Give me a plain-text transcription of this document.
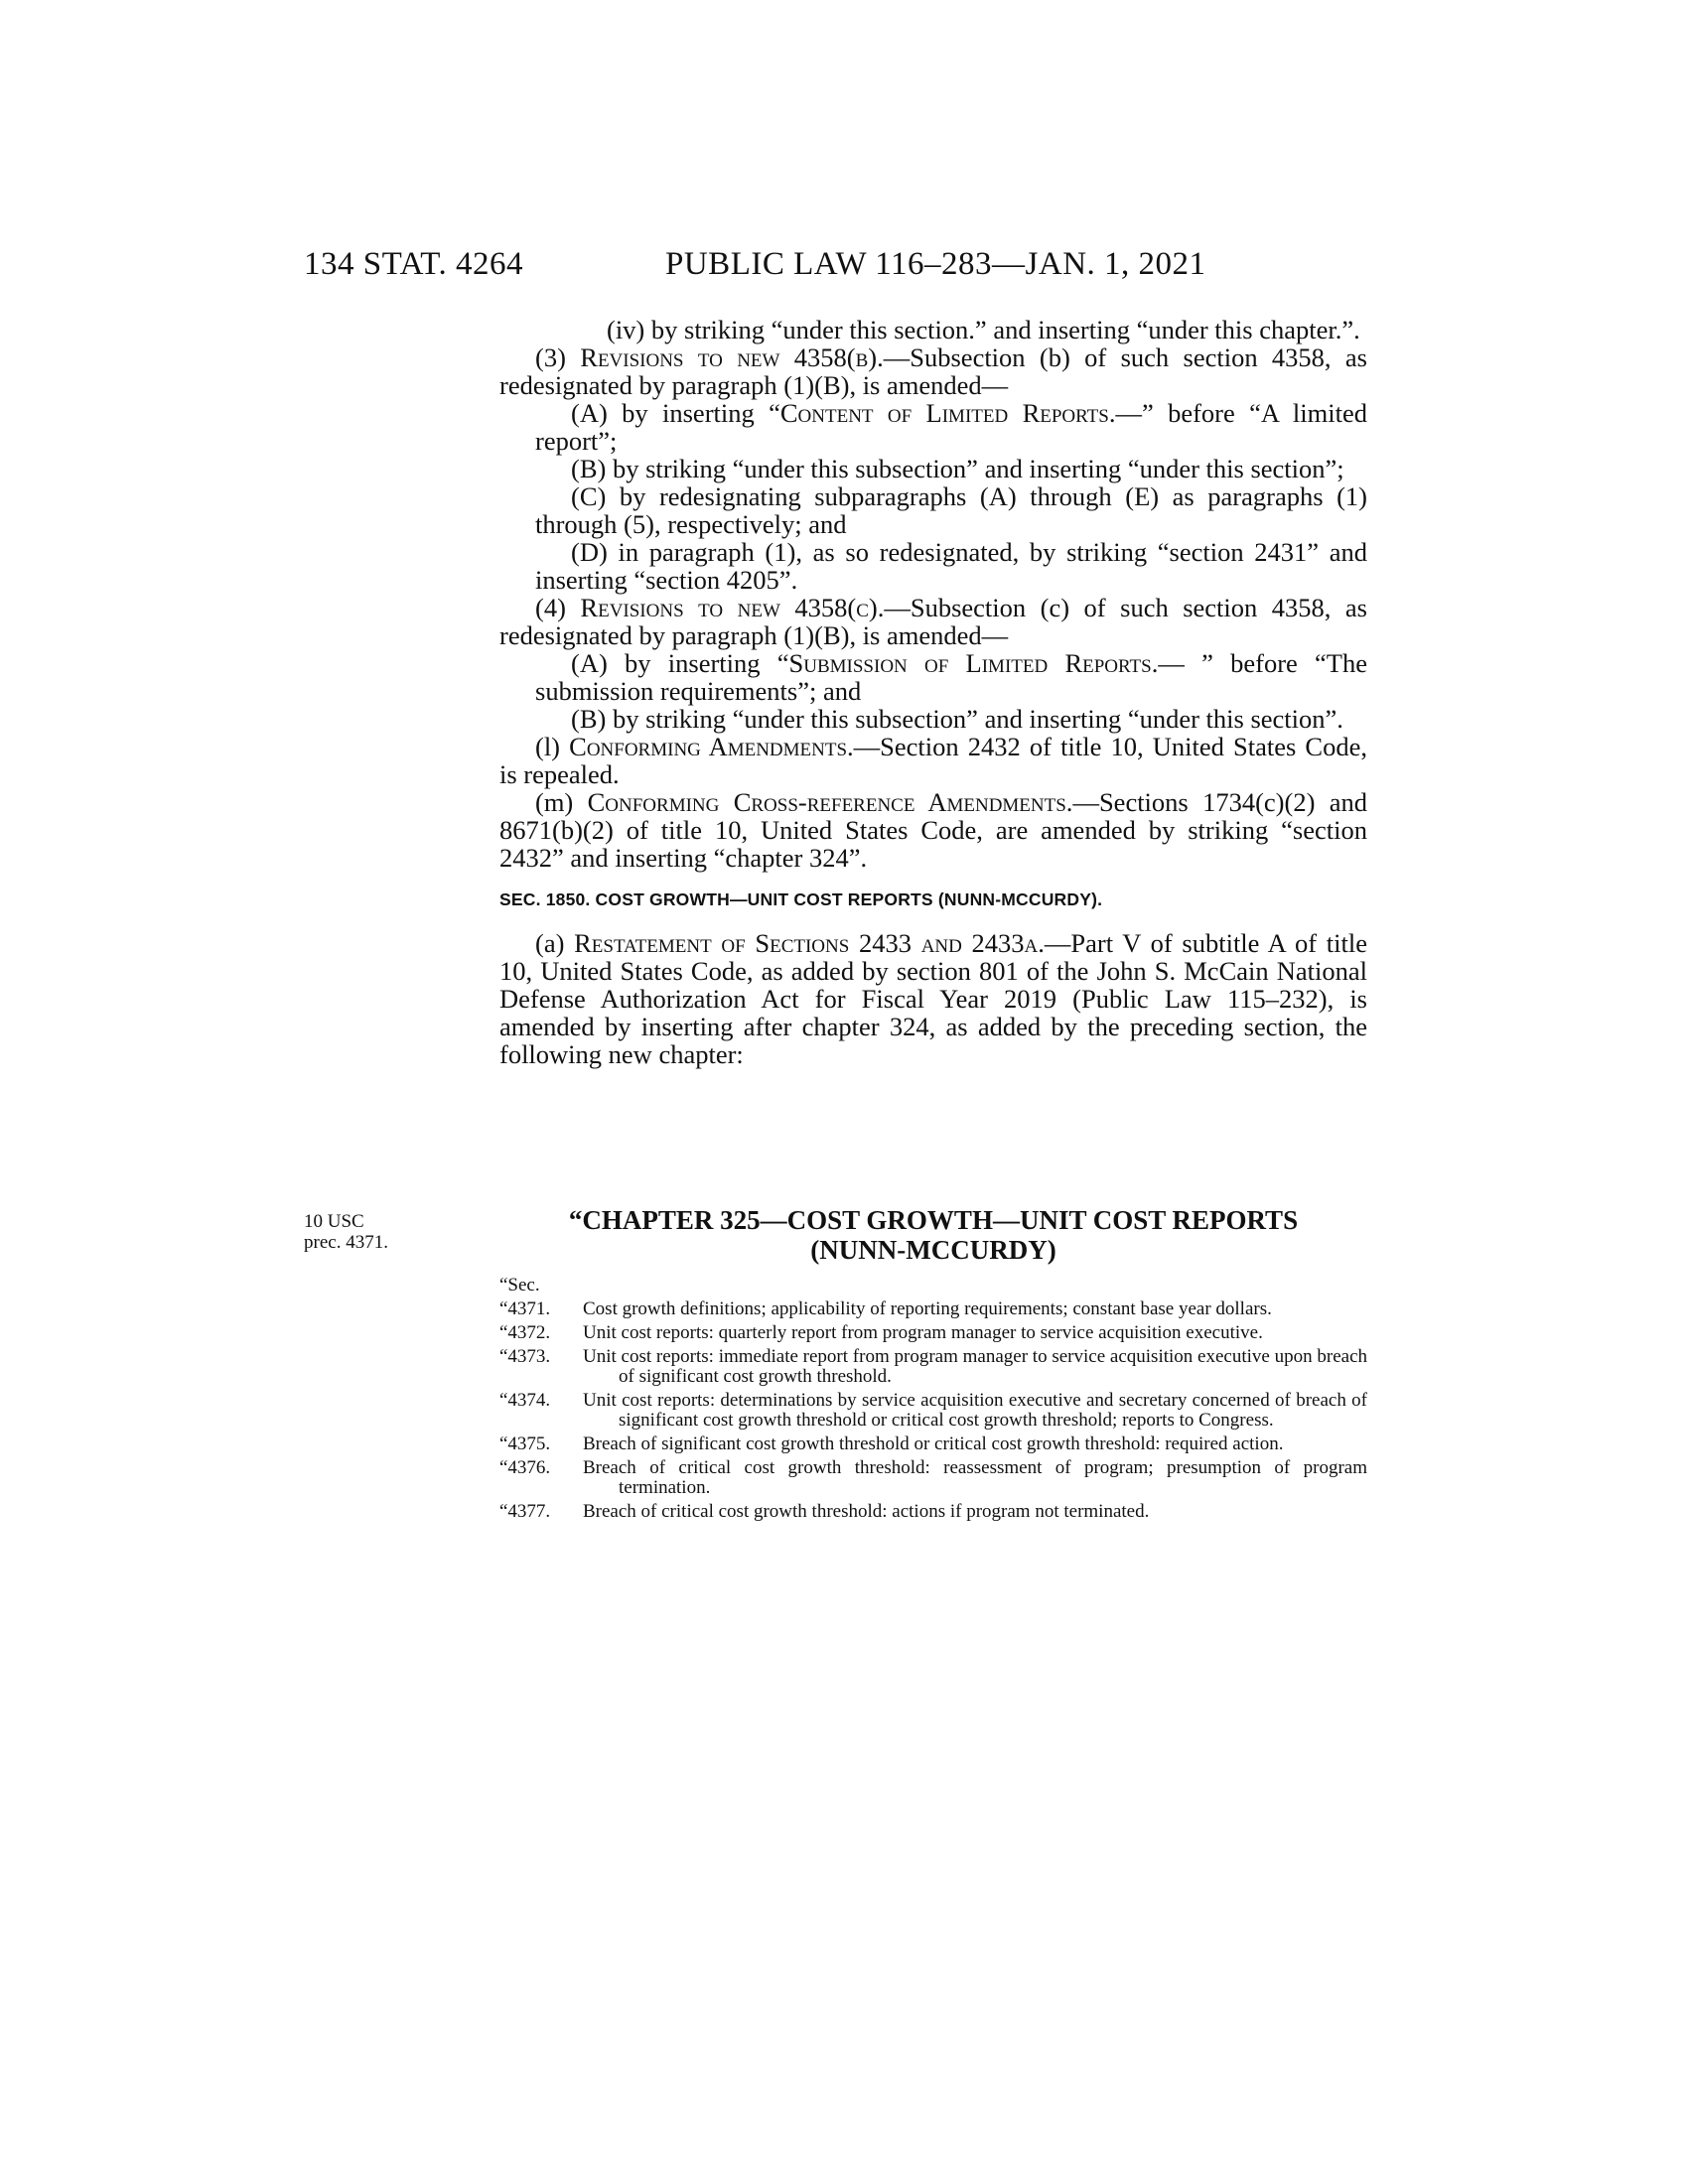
134 STAT. 4264	PUBLIC LAW 116–283—JAN. 1, 2021

(iv) by striking “under this section.” and inserting “under this chapter.”.

(3) Revisions to new 4358(b).—Subsection (b) of such section 4358, as redesignated by paragraph (1)(B), is amended—

(A) by inserting “Content of Limited Reports.—” before “A limited report”;

(B) by striking “under this subsection” and inserting “under this section”;

(C) by redesignating subparagraphs (A) through (E) as paragraphs (1) through (5), respectively; and

(D) in paragraph (1), as so redesignated, by striking “section 2431” and inserting “section 4205”.

(4) Revisions to new 4358(c).—Subsection (c) of such section 4358, as redesignated by paragraph (1)(B), is amended—

(A) by inserting “Submission of Limited Reports.— ” before “The submission requirements”; and

(B) by striking “under this subsection” and inserting “under this section”.

(l) Conforming Amendments.—Section 2432 of title 10, United States Code, is repealed.

(m) Conforming Cross-reference Amendments.—Sections 1734(c)(2) and 8671(b)(2) of title 10, United States Code, are amended by striking “section 2432” and inserting “chapter 324”.

SEC. 1850. COST GROWTH—UNIT COST REPORTS (NUNN-MCCURDY).

(a) Restatement of Sections 2433 and 2433a.—Part V of subtitle A of title 10, United States Code, as added by section 801 of the John S. McCain National Defense Authorization Act for Fiscal Year 2019 (Public Law 115–232), is amended by inserting after chapter 324, as added by the preceding section, the following new chapter:

10 USC
prec. 4371.
“CHAPTER 325—COST GROWTH—UNIT COST REPORTS
(NUNN-MCCURDY)
“Sec.
“4371.	Cost growth definitions; applicability of reporting requirements; constant base year dollars.
“4372.	Unit cost reports: quarterly report from program manager to service acquisition executive.
“4373.	Unit cost reports: immediate report from program manager to service acquisition executive upon breach of significant cost growth threshold.
“4374.	Unit cost reports: determinations by service acquisition executive and secretary concerned of breach of significant cost growth threshold or critical cost growth threshold; reports to Congress.
“4375.	Breach of significant cost growth threshold or critical cost growth threshold: required action.
“4376.	Breach of critical cost growth threshold: reassessment of program; presumption of program termination.
“4377.	Breach of critical cost growth threshold: actions if program not terminated.
